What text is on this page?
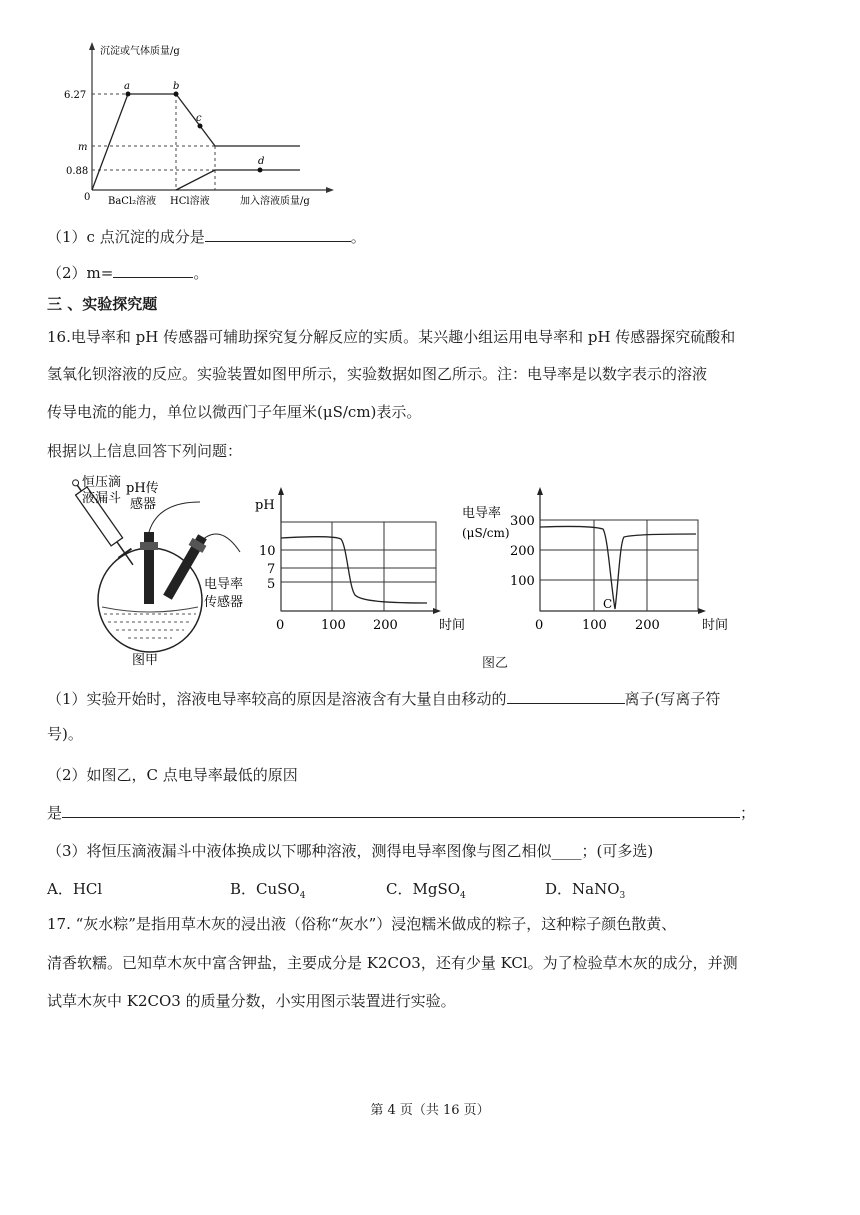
沉淀或气体质量/g
6.27
m
0.88
0
a	b
c
d
BaCl₂溶液 HCl溶液	加入溶液质量/g
（1）c 点沉淀的成分是	。
（2）m=	。
三 、实验探究题
16.电导率和 pH 传感器可辅助探究复分解反应的实质。某兴趣小组运用电导率和 pH 传感器探究硫酸和
氢氧化钡溶液的反应。实验装置如图甲所示，实验数据如图乙所示。注：电导率是以数字表示的溶液
传导电流的能力，单位以微西门子年厘米(μS/cm)表示。
根据以上信息回答下列问题：
恒压滴
液漏斗
pH传
感器
电导率
传感器
图甲
pH
10
7
5
0	100 200	时间
电导率
(μS/cm)
300
200
100
0	100 200	时间
C
图乙
（1）实验开始时，溶液电导率较高的原因是溶液含有大量自由移动的	离子(写离子符
号)。
（2）如图乙，C 点电导率最低的原因
是	；
（3）将恒压滴液漏斗中液体换成以下哪种溶液，测得电导率图像与图乙相似____；(可多选)
A．HCl	B．CuSO$_4$	C．MgSO$_4$	D．NaNO$_3$
17. “灰水粽”是指用草木灰的浸出液（俗称“灰水”）浸泡糯米做成的粽子，这种粽子颜色散黄、
清香软糯。已知草木灰中富含钾盐，主要成分是 K2CO3，还有少量 KCl。为了检验草木灰的成分，并测
试草木灰中 K2CO3 的质量分数，小实用图示装置进行实验。
第 4 页（共 16 页）
